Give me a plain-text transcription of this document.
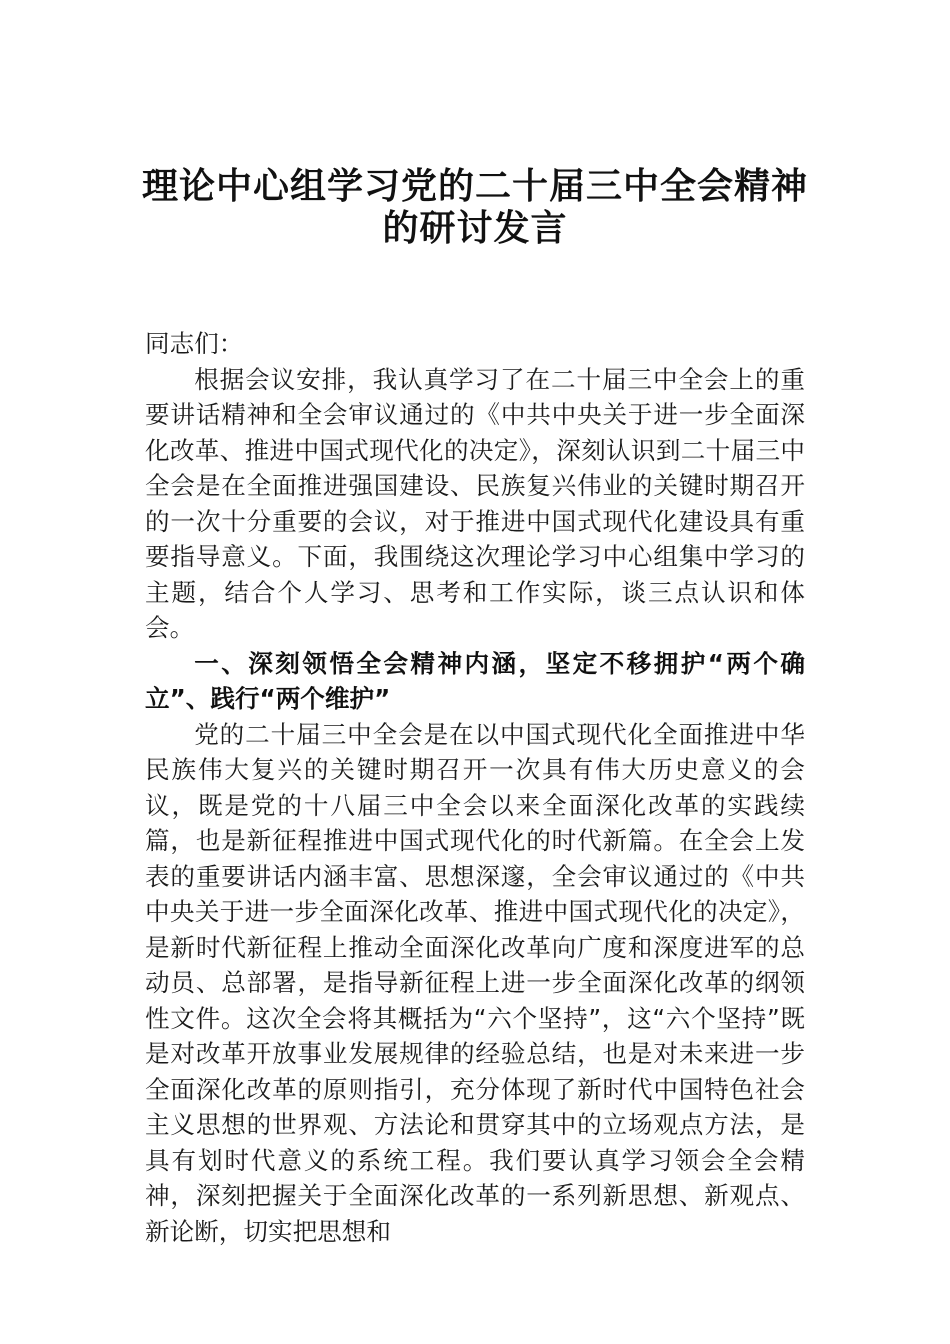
理论中心组学习党的二十届三中全会精神
的研讨发言

同志们：

根据会议安排，我认真学习了在二十届三中全会上的重要讲话精神和全会审议通过的《中共中央关于进一步全面深化改革、推进中国式现代化的决定》，深刻认识到二十届三中全会是在全面推进强国建设、民族复兴伟业的关键时期召开的一次十分重要的会议，对于推进中国式现代化建设具有重要指导意义。下面，我围绕这次理论学习中心组集中学习的主题，结合个人学习、思考和工作实际，谈三点认识和体会。

一、深刻领悟全会精神内涵，坚定不移拥护“两个确立”、践行“两个维护”

党的二十届三中全会是在以中国式现代化全面推进中华民族伟大复兴的关键时期召开一次具有伟大历史意义的会议，既是党的十八届三中全会以来全面深化改革的实践续篇，也是新征程推进中国式现代化的时代新篇。在全会上发表的重要讲话内涵丰富、思想深邃，全会审议通过的《中共中央关于进一步全面深化改革、推进中国式现代化的决定》，是新时代新征程上推动全面深化改革向广度和深度进军的总动员、总部署，是指导新征程上进一步全面深化改革的纲领性文件。这次全会将其概括为“六个坚持”，这“六个坚持”既是对改革开放事业发展规律的经验总结，也是对未来进一步全面深化改革的原则指引，充分体现了新时代中国特色社会主义思想的世界观、方法论和贯穿其中的立场观点方法，是具有划时代意义的系统工程。我们要认真学习领会全会精神，深刻把握关于全面深化改革的一系列新思想、新观点、新论断，切实把思想和
